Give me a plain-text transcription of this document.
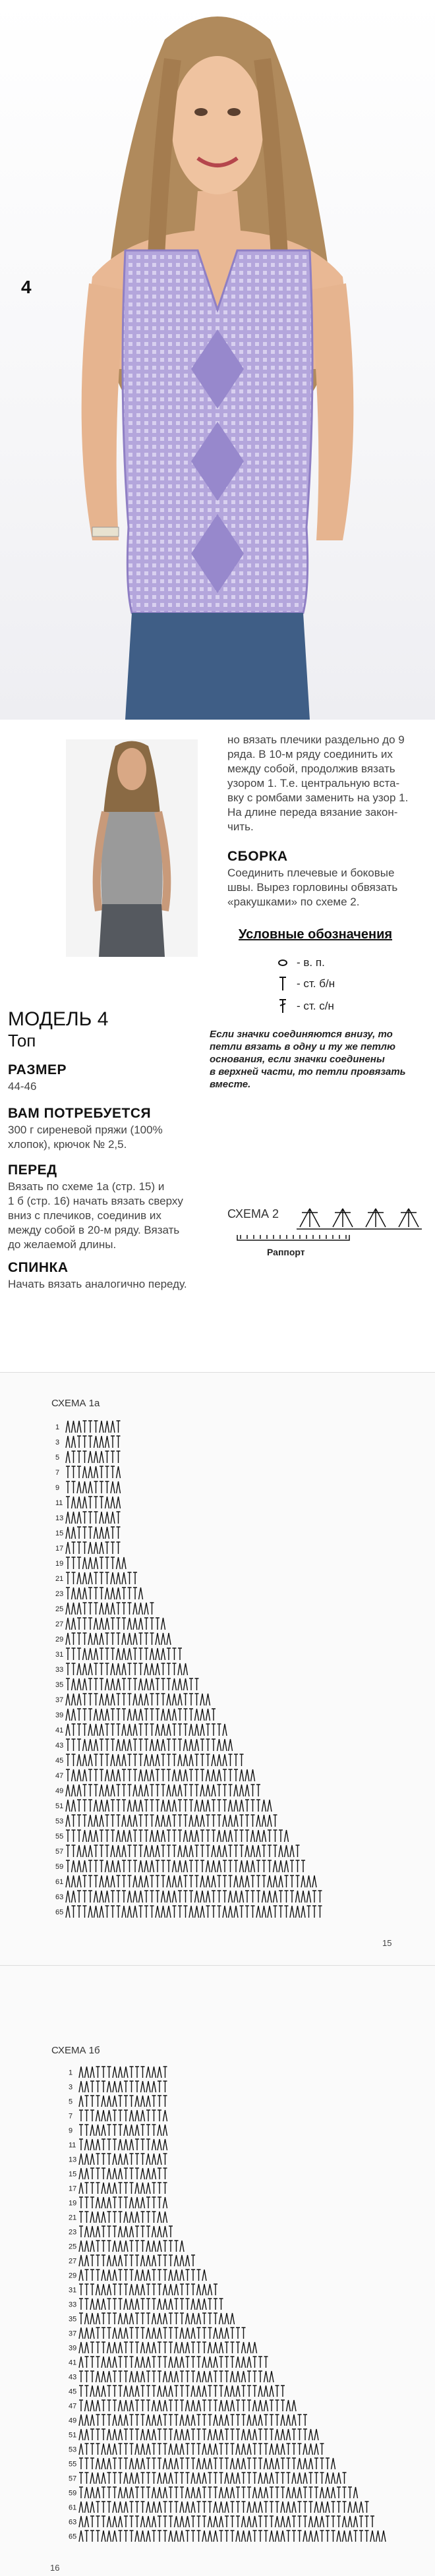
4
МОДЕЛЬ 4
Топ
РАЗМЕР
44-46
ВАМ ПОТРЕБУЕТСЯ
300 г сиреневой пряжи (100%
хлопок), крючок № 2,5.
ПЕРЕД
Вязать по схеме 1а (стр. 15) и
1 б (стр. 16) начать вязать сверху
вниз с плечиков, соединив их
между собой в 20-м ряду. Вязать
до желаемой длины.
СПИНКА
Начать вязать аналогично переду.
но вязать плечики раздельно до 9
ряда. В 10-м ряду соединить их
между собой, продолжив вязать
узором 1. Т.е. центральную вста-
вку с ромбами заменить на узор 1.
На длине переда вязание закон-
чить.
СБОРКА
Соединить плечевые и боковые
швы. Вырез горловины обвязать
«ракушками» по схеме 2.
Условные обозначения
- в. п.
- ст. б/н
- ст. с/н
Если значки соединяются внизу, то
петли вязать в одну и ту же петлю
основания, если значки соединены
в верхней части, то петли провязать
вместе.
СХЕМА 2
Раппорт
СХЕМА 1а
1
3
5
7
9
11
13
15
17
19
21
23
25
27
29
31
33
35
37
39
41
43
45
47
49
51
53
55
57
59
61
63
65
15
СХЕМА 1б
1
3
5
7
9
11
13
15
17
19
21
23
25
27
29
31
33
35
37
39
41
43
45
47
49
51
53
55
57
59
61
63
65
16
